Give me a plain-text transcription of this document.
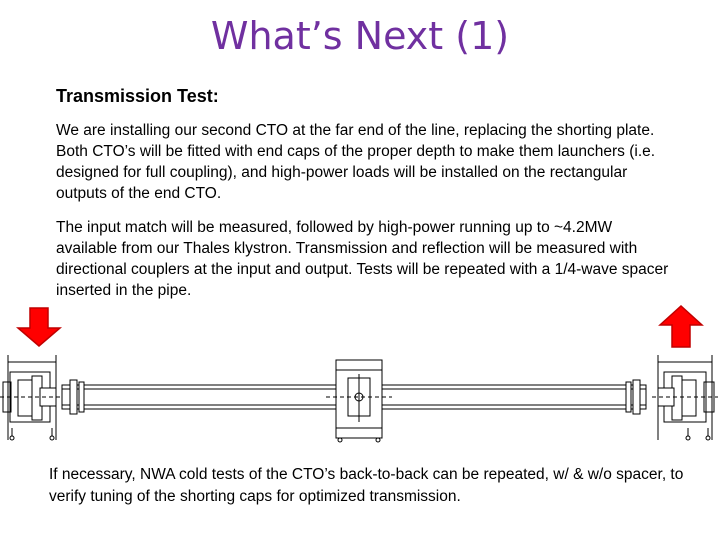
What’s Next (1)
Transmission Test:
We are installing our second CTO at the far end of the line, replacing the shorting plate. Both CTO’s will be fitted with end caps of the proper depth to make them launchers (i.e. designed for full coupling), and high-power loads will be installed on the rectangular outputs of the end CTO.
The input match will be measured, followed by high-power running up to ~4.2MW available from our Thales klystron. Transmission and reflection will be measured with directional couplers at the input and output. Tests will be repeated with a 1/4-wave spacer inserted in the pipe.
If necessary, NWA cold tests of the CTO’s back-to-back can be repeated, w/ & w/o spacer, to verify tuning of the shorting caps for optimized transmission.
